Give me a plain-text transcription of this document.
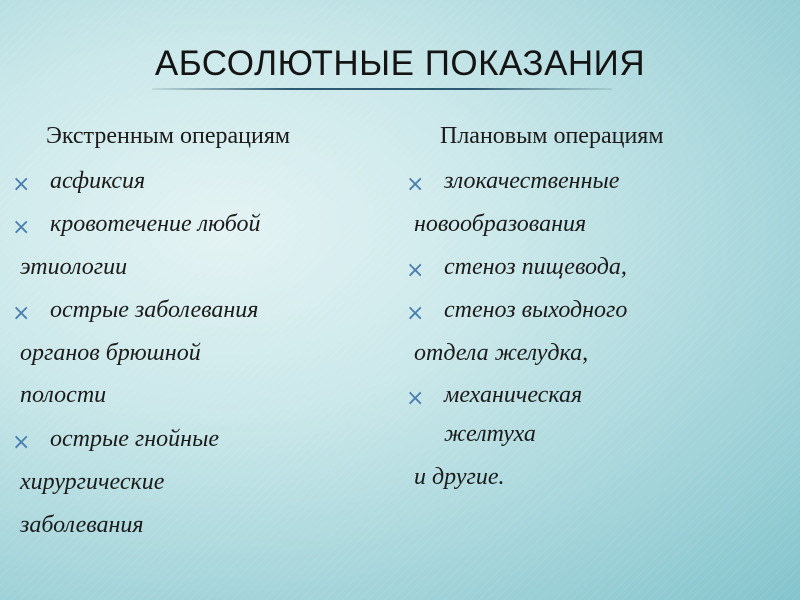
АБСОЛЮТНЫЕ ПОКАЗАНИЯ
Экстренным операциям	Плановым операциям
× асфиксия
× кровотечение любой
этиологии
× острые заболевания
органов брюшной
полости
× острые гнойные
хирургические
заболевания
× злокачественные
новообразования
× стеноз пищевода,
× стеноз выходного
отдела желудка,
× механическая
желтуха
и другие.
